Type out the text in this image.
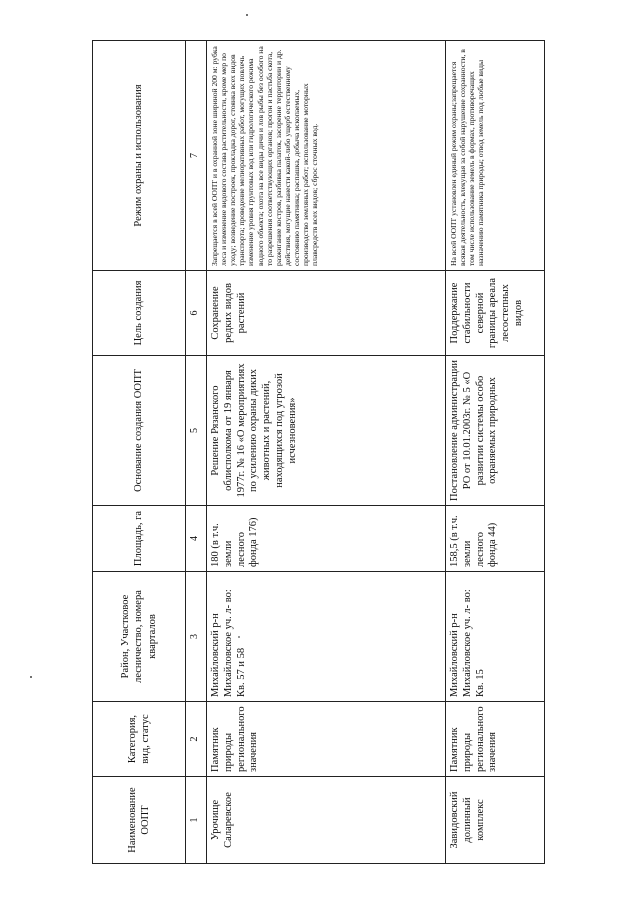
Наименование ООПТ	Категория, вид, статус	Район, Участковое лесничество, номера кварталов	Площадь, га	Основание создания ООПТ	Цель создания	Режим охраны и использования
1	2	3	4	5	6	7
Урочище Саларевское	Памятник природы регионального значения	Михайловский р-н Михайловское уч. л- во: Кв. 57 и 58	180 (в т.ч. земли лесного фонда 176)	Решение Рязанского облисполкома от 19 января 1977г. № 16 «О мероприятиях по усилению охраны диких животных и растений, находящихся под угрозой исчезновения»	Сохранение редких видов растений	Запрещается в всей ООПТ и в охранной зоне шириной 200 м: рубка леса и изменение видового состава растительности, кроме мер по уходу; возведение построек, прокладка дорог, стоянка всех видов транспорта; проведение мелиоративных работ, могущих повлечь изменение уровня грунтовых вод или гидрологического режима водного объекта; охота на все виды дичи и лов рыбы без особого на то разрешения соответствующих органов; прогон и пастьба скота, разжигание костров, разбивка палаток, засорение территории и др. действия, могущие нанести какой-либо ущерб естественному состоянию памятника; распашка, добыча ископаемых, производство земляных работ; использование моторных плавсредств всех видов; сброс сточных вод.
Завидовский долинный комплекс	Памятник природы регионального значения	Михайловский р-н Михайловское уч. л- во: Кв. 15	158,5 (в т.ч. земли лесного фонда 44)	Постановление администрации РО от 10.01.2003г. № 5 «О развитии системы особо охраняемых природных	Поддержание стабильности северной границы ареала лесостепных видов	На всей ООПТ установлен единый режим охраны;запрещается всякая деятельность, влекущая за собой нарушение сохранности, в том числе использование земель в формах, противоречащих назначению памятника природы; отвод земель под любые виды
